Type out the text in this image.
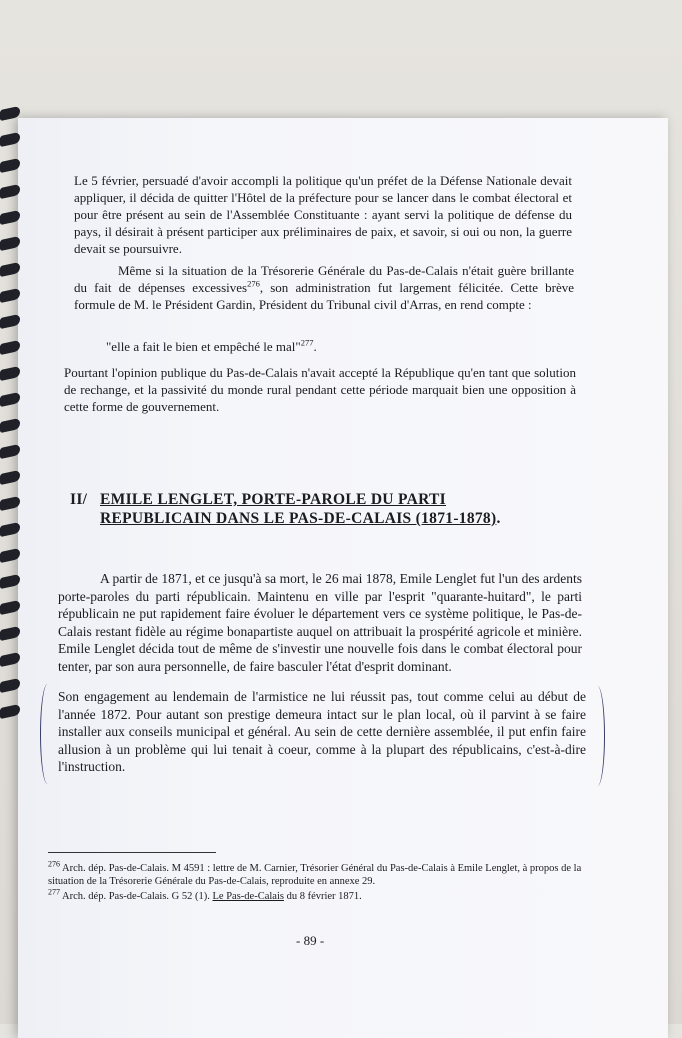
Le 5 février, persuadé d'avoir accompli la politique qu'un préfet de la Défense Nationale devait appliquer, il décida de quitter l'Hôtel de la préfecture pour se lancer dans le combat électoral et pour être présent au sein de l'Assemblée Constituante : ayant servi la politique de défense du pays, il désirait à présent participer aux préliminaires de paix, et savoir, si oui ou non, la guerre devait se poursuivre.

Même si la situation de la Trésorerie Générale du Pas-de-Calais n'était guère brillante du fait de dépenses excessives$^{276}$, son administration fut largement félicitée. Cette brève formule de M. le Président Gardin, Président du Tribunal civil d'Arras, en rend compte :

"elle a fait le bien et empêché le mal"$^{277}$.

Pourtant l'opinion publique du Pas-de-Calais n'avait accepté la République qu'en tant que solution de rechange, et la passivité du monde rural pendant cette période marquait bien une opposition à cette forme de gouvernement.

II/ EMILE LENGLET, PORTE-PAROLE DU PARTI
REPUBLICAIN DANS LE PAS-DE-CALAIS (1871-1878).

A partir de 1871, et ce jusqu'à sa mort, le 26 mai 1878, Emile Lenglet fut l'un des ardents porte-paroles du parti républicain. Maintenu en ville par l'esprit "quarante-huitard", le parti républicain ne put rapidement faire évoluer le département vers ce système politique, le Pas-de-Calais restant fidèle au régime bonapartiste auquel on attribuait la prospérité agricole et minière. Emile Lenglet décida tout de même de s'investir une nouvelle fois dans le combat électoral pour tenter, par son aura personnelle, de faire basculer l'état d'esprit dominant.

Son engagement au lendemain de l'armistice ne lui réussit pas, tout comme celui au début de l'année 1872. Pour autant son prestige demeura intact sur le plan local, où il parvint à se faire installer aux conseils municipal et général. Au sein de cette dernière assemblée, il put enfin faire allusion à un problème qui lui tenait à coeur, comme à la plupart des républicains, c'est-à-dire l'instruction.

$^{276}$ Arch. dép. Pas-de-Calais. M 4591 : lettre de M. Carnier, Trésorier Général du Pas-de-Calais à Emile Lenglet, à propos de la situation de la Trésorerie Générale du Pas-de-Calais, reproduite en annexe 29.

$^{277}$ Arch. dép. Pas-de-Calais. G 52 (1). Le Pas-de-Calais du 8 février 1871.

- 89 -
